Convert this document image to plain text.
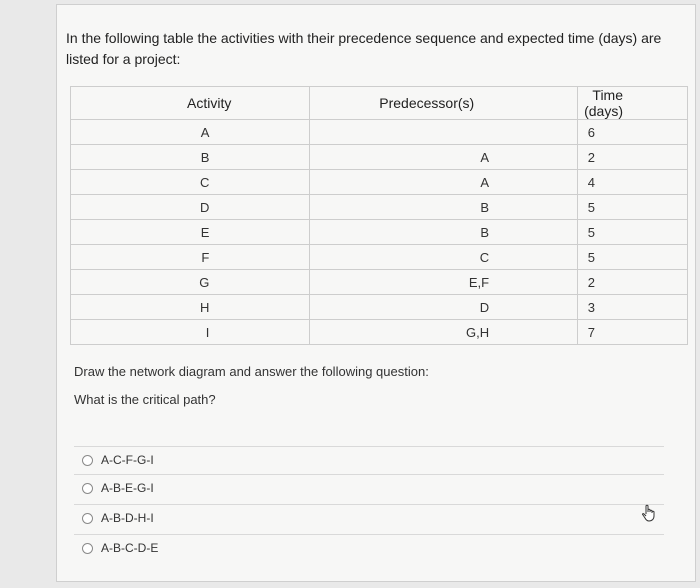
In the following table the activities with their precedence sequence and expected time (days) are
listed for a project:
Activity	Predecessor(s)	Time (days)
A		6
B	A	2
C	A	4
D	B	5
E	B	5
F	C	5
G	E,F	2
H	D	3
I	G,H	7
Draw the network diagram and answer the following question:
What is the critical path?
A-C-F-G-I
A-B-E-G-I
A-B-D-H-I
A-B-C-D-E
